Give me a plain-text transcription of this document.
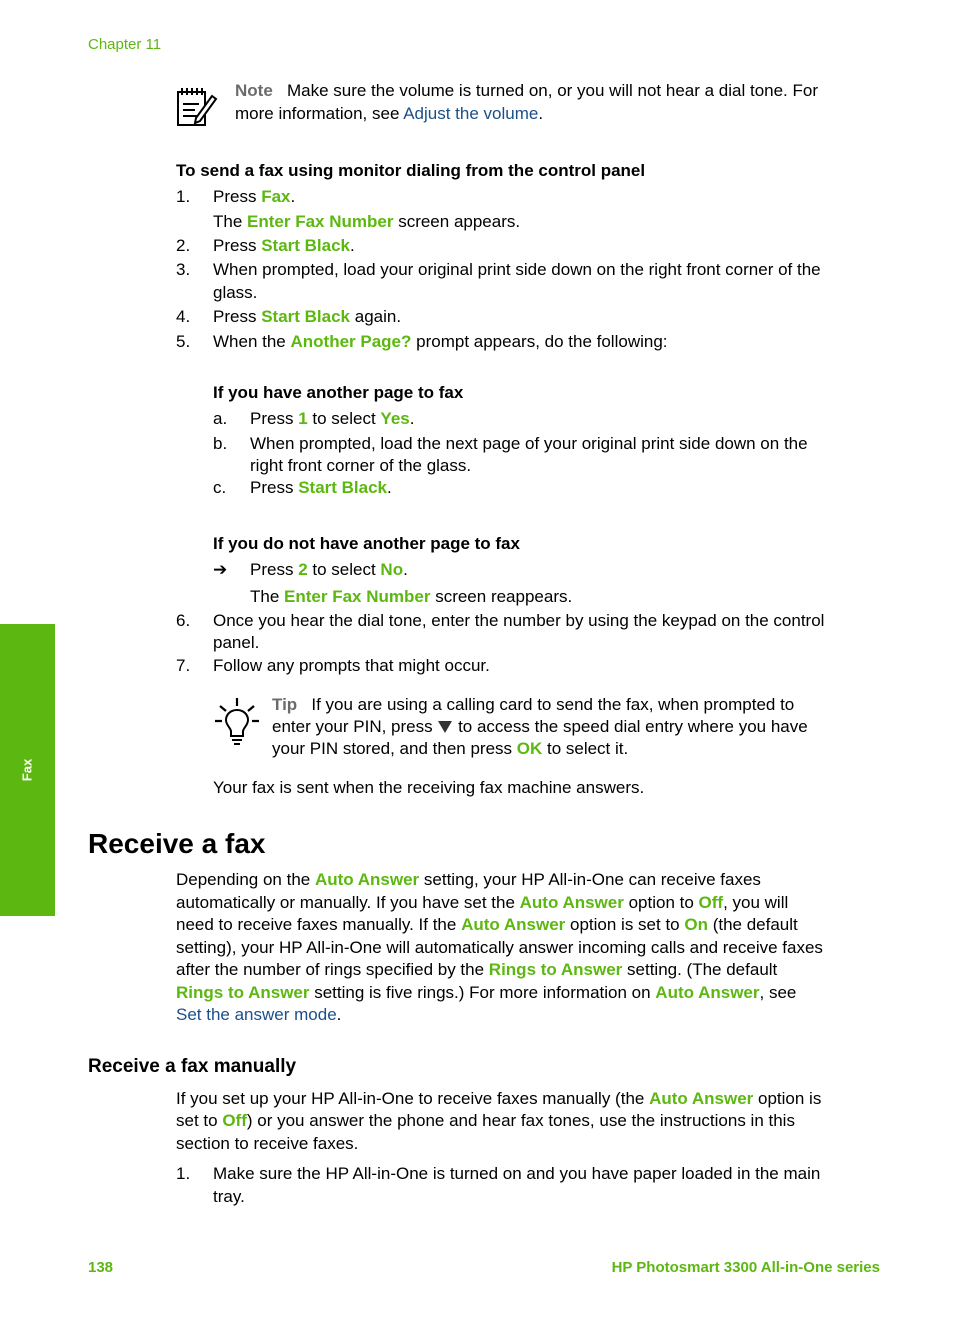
Chapter 11
Fax
Note Make sure the volume is turned on, or you will not hear a dial tone. For
more information, see Adjust the volume.
To send a fax using monitor dialing from the control panel
1. Press Fax.
The Enter Fax Number screen appears.
2. Press Start Black.
3. When prompted, load your original print side down on the right front corner of the
glass.
4. Press Start Black again.
5. When the Another Page? prompt appears, do the following:
If you have another page to fax
a. Press 1 to select Yes.
b. When prompted, load the next page of your original print side down on the
right front corner of the glass.
c. Press Start Black.
If you do not have another page to fax
➔ Press 2 to select No.
The Enter Fax Number screen reappears.
6. Once you hear the dial tone, enter the number by using the keypad on the control
panel.
7. Follow any prompts that might occur.
Tip If you are using a calling card to send the fax, when prompted to
enter your PIN, press  to access the speed dial entry where you have
your PIN stored, and then press OK to select it.
Your fax is sent when the receiving fax machine answers.
Receive a fax
Depending on the Auto Answer setting, your HP All-in-One can receive faxes
automatically or manually. If you have set the Auto Answer option to Off, you will
need to receive faxes manually. If the Auto Answer option is set to On (the default
setting), your HP All-in-One will automatically answer incoming calls and receive faxes
after the number of rings specified by the Rings to Answer setting. (The default
Rings to Answer setting is five rings.) For more information on Auto Answer, see
Set the answer mode.
Receive a fax manually
If you set up your HP All-in-One to receive faxes manually (the Auto Answer option is
set to Off) or you answer the phone and hear fax tones, use the instructions in this
section to receive faxes.
1. Make sure the HP All-in-One is turned on and you have paper loaded in the main
tray.
138	HP Photosmart 3300 All-in-One series
